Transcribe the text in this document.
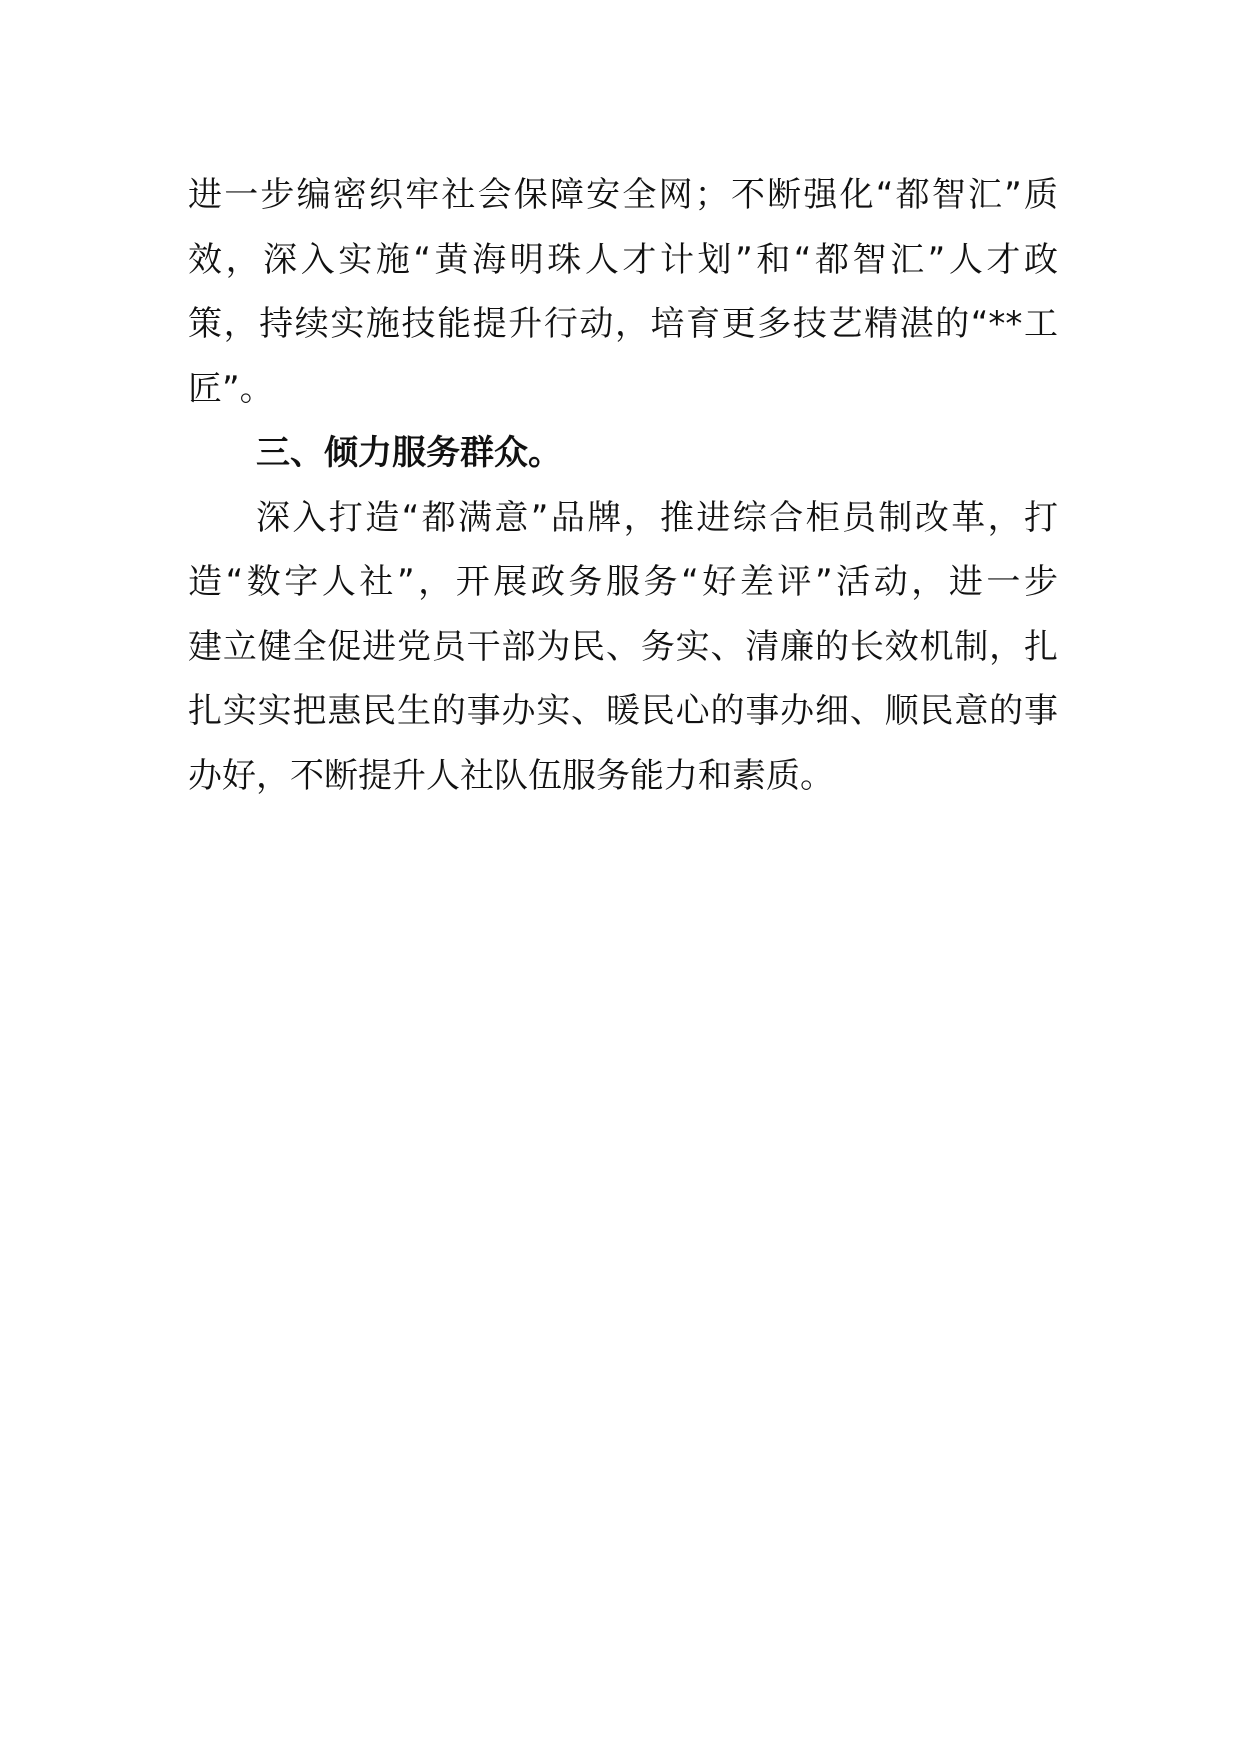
进一步编密织牢社会保障安全网；不断强化“都智汇”质
效，深入实施“黄海明珠人才计划”和“都智汇”人才政
策，持续实施技能提升行动，培育更多技艺精湛的“**工
匠”。
三、倾力服务群众。
深入打造“都满意”品牌，推进综合柜员制改革，打
造“数字人社”，开展政务服务“好差评”活动，进一步
建立健全促进党员干部为民、务实、清廉的长效机制，扎
扎实实把惠民生的事办实、暖民心的事办细、顺民意的事
办好，不断提升人社队伍服务能力和素质。
